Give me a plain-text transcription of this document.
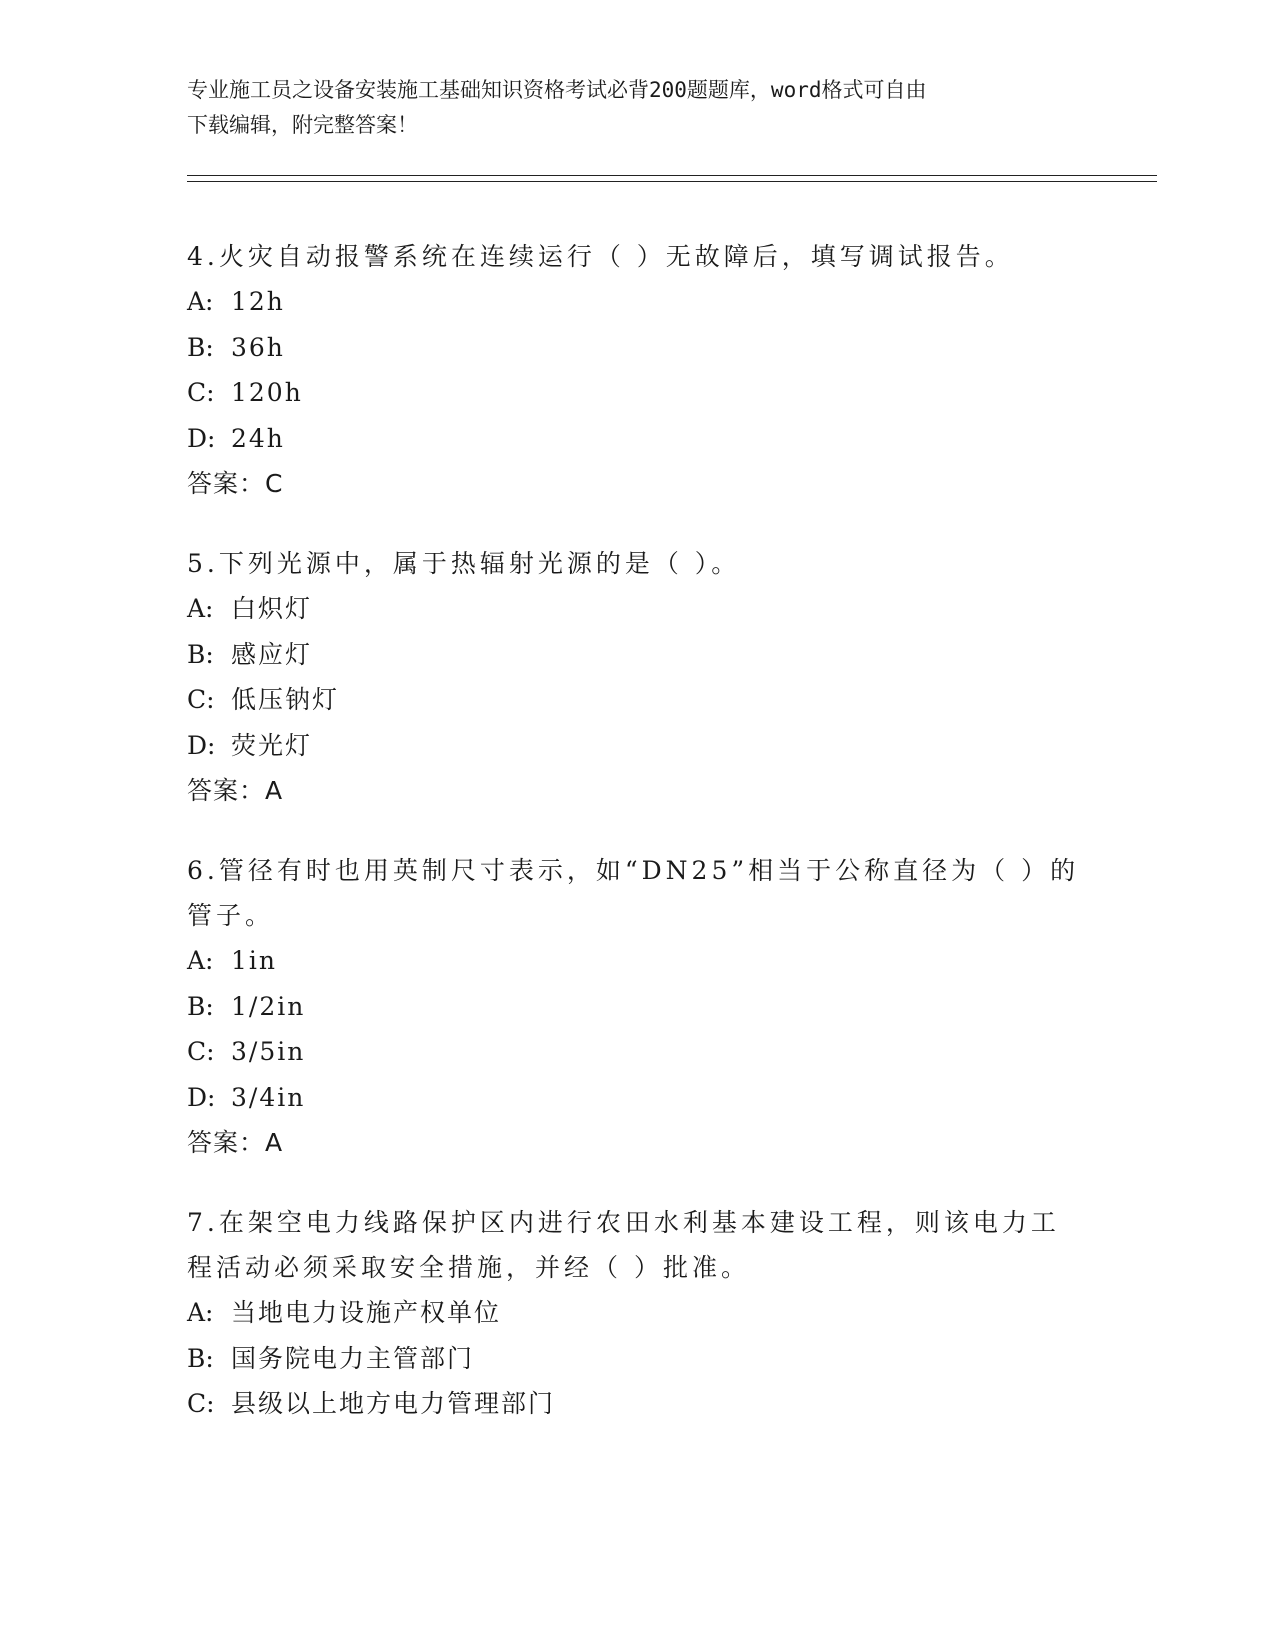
专业施工员之设备安装施工基础知识资格考试必背200题题库，word格式可自由
下载编辑，附完整答案！

4.火灾自动报警系统在连续运行（ ）无故障后，填写调试报告。

A: 12h

B: 36h

C: 120h

D: 24h

答案：C

5.下列光源中，属于热辐射光源的是（ ）。

A: 白炽灯

B: 感应灯

C: 低压钠灯

D: 荧光灯

答案：A

6.管径有时也用英制尺寸表示，如“DN25”相当于公称直径为（ ）的管子。

A: 1in

B: 1/2in

C: 3/5in

D: 3/4in

答案：A

7.在架空电力线路保护区内进行农田水利基本建设工程，则该电力工程活动必须采取安全措施，并经（ ）批准。

A: 当地电力设施产权单位

B: 国务院电力主管部门

C: 县级以上地方电力管理部门
